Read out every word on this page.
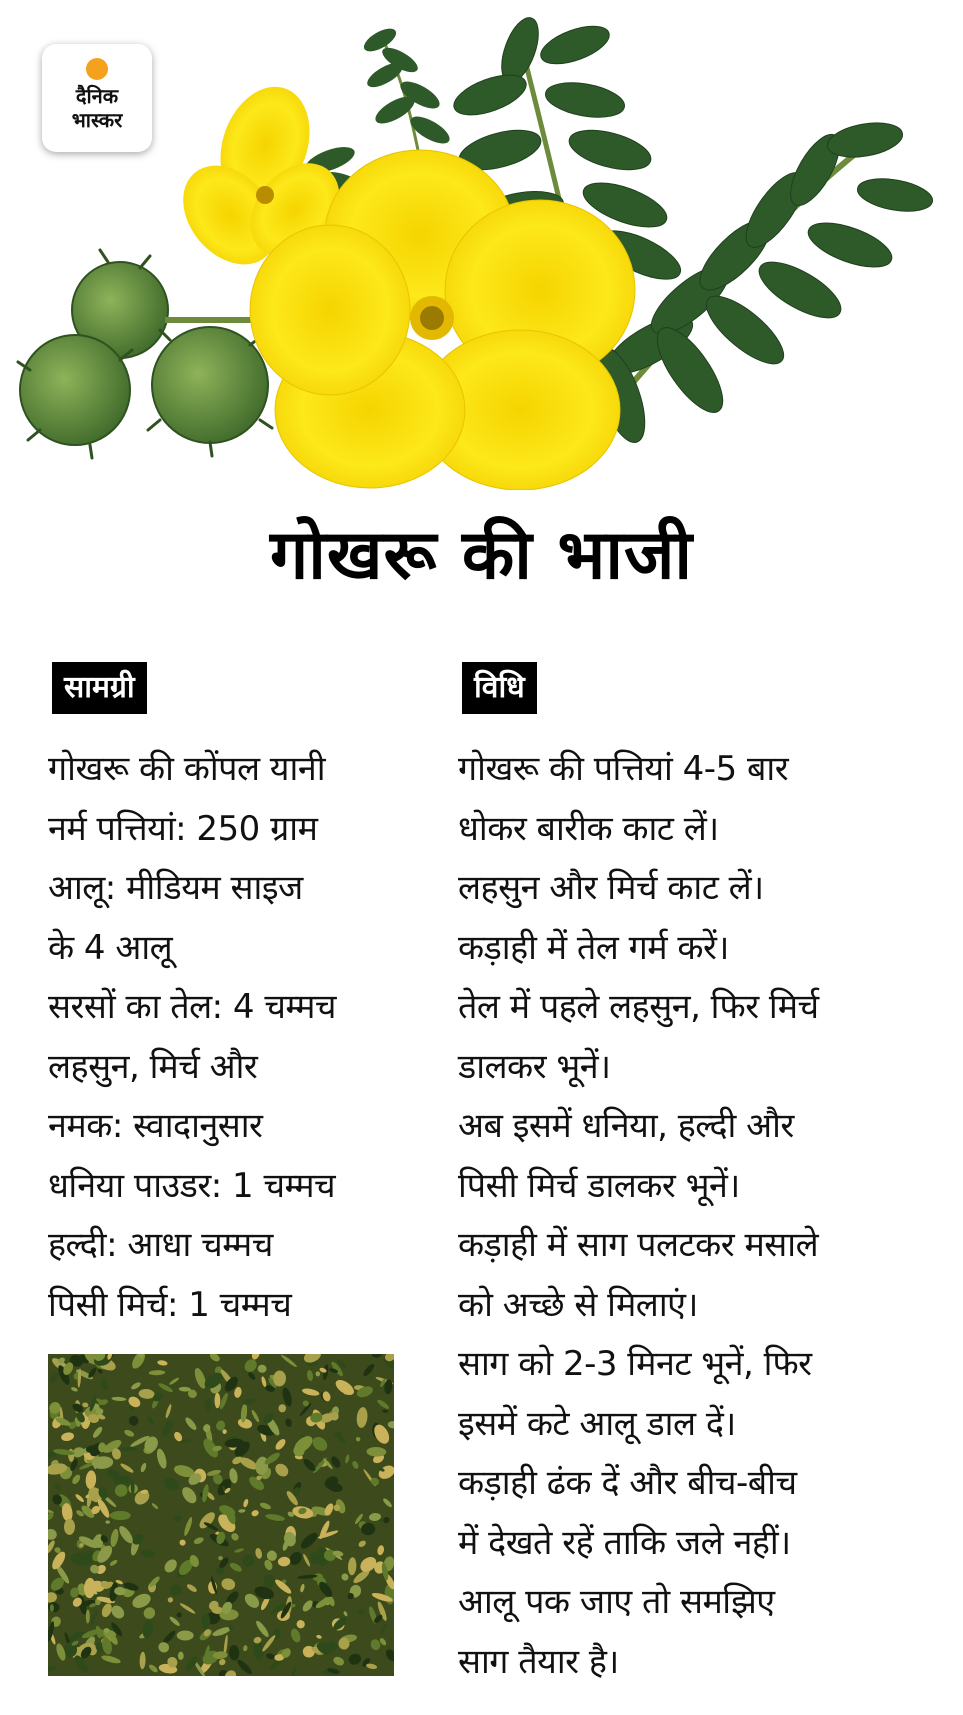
दैनिक
भास्कर
गोखरू की भाजी
सामग्री
गोखरू की कोंपल यानी
नर्म पत्तियां: 250 ग्राम
आलू: मीडियम साइज
के 4 आलू
सरसों का तेल: 4 चम्मच
लहसुन, मिर्च और
नमक: स्वादानुसार
धनिया पाउडर: 1 चम्मच
हल्दी: आधा चम्मच
पिसी मिर्च: 1 चम्मच
विधि
गोखरू की पत्तियां 4-5 बार
धोकर बारीक काट लें।
लहसुन और मिर्च काट लें।
कड़ाही में तेल गर्म करें।
तेल में पहले लहसुन, फिर मिर्च
डालकर भूनें।
अब इसमें धनिया, हल्दी और
पिसी मिर्च डालकर भूनें।
कड़ाही में साग पलटकर मसाले
को अच्छे से मिलाएं।
साग को 2-3 मिनट भूनें, फिर
इसमें कटे आलू डाल दें।
कड़ाही ढंक दें और बीच-बीच
में देखते रहें ताकि जले नहीं।
आलू पक जाए तो समझिए
साग तैयार है।
